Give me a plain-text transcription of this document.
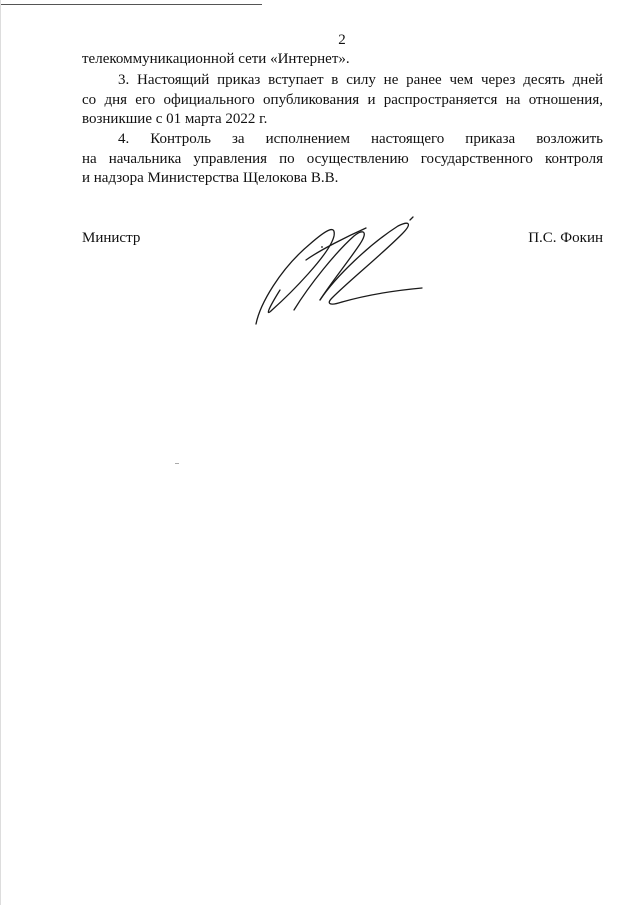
2
телекоммуникационной сети «Интернет».
3. Настоящий приказ вступает в силу не ранее чем через десять дней
со дня его официального опубликования и распространяется на отношения,
возникшие с 01 марта 2022 г.
4. Контроль за исполнением настоящего приказа возложить
на начальника управления по осуществлению государственного контроля
и надзора Министерства Щелокова В.В.
Министр	П.С. Фокин
